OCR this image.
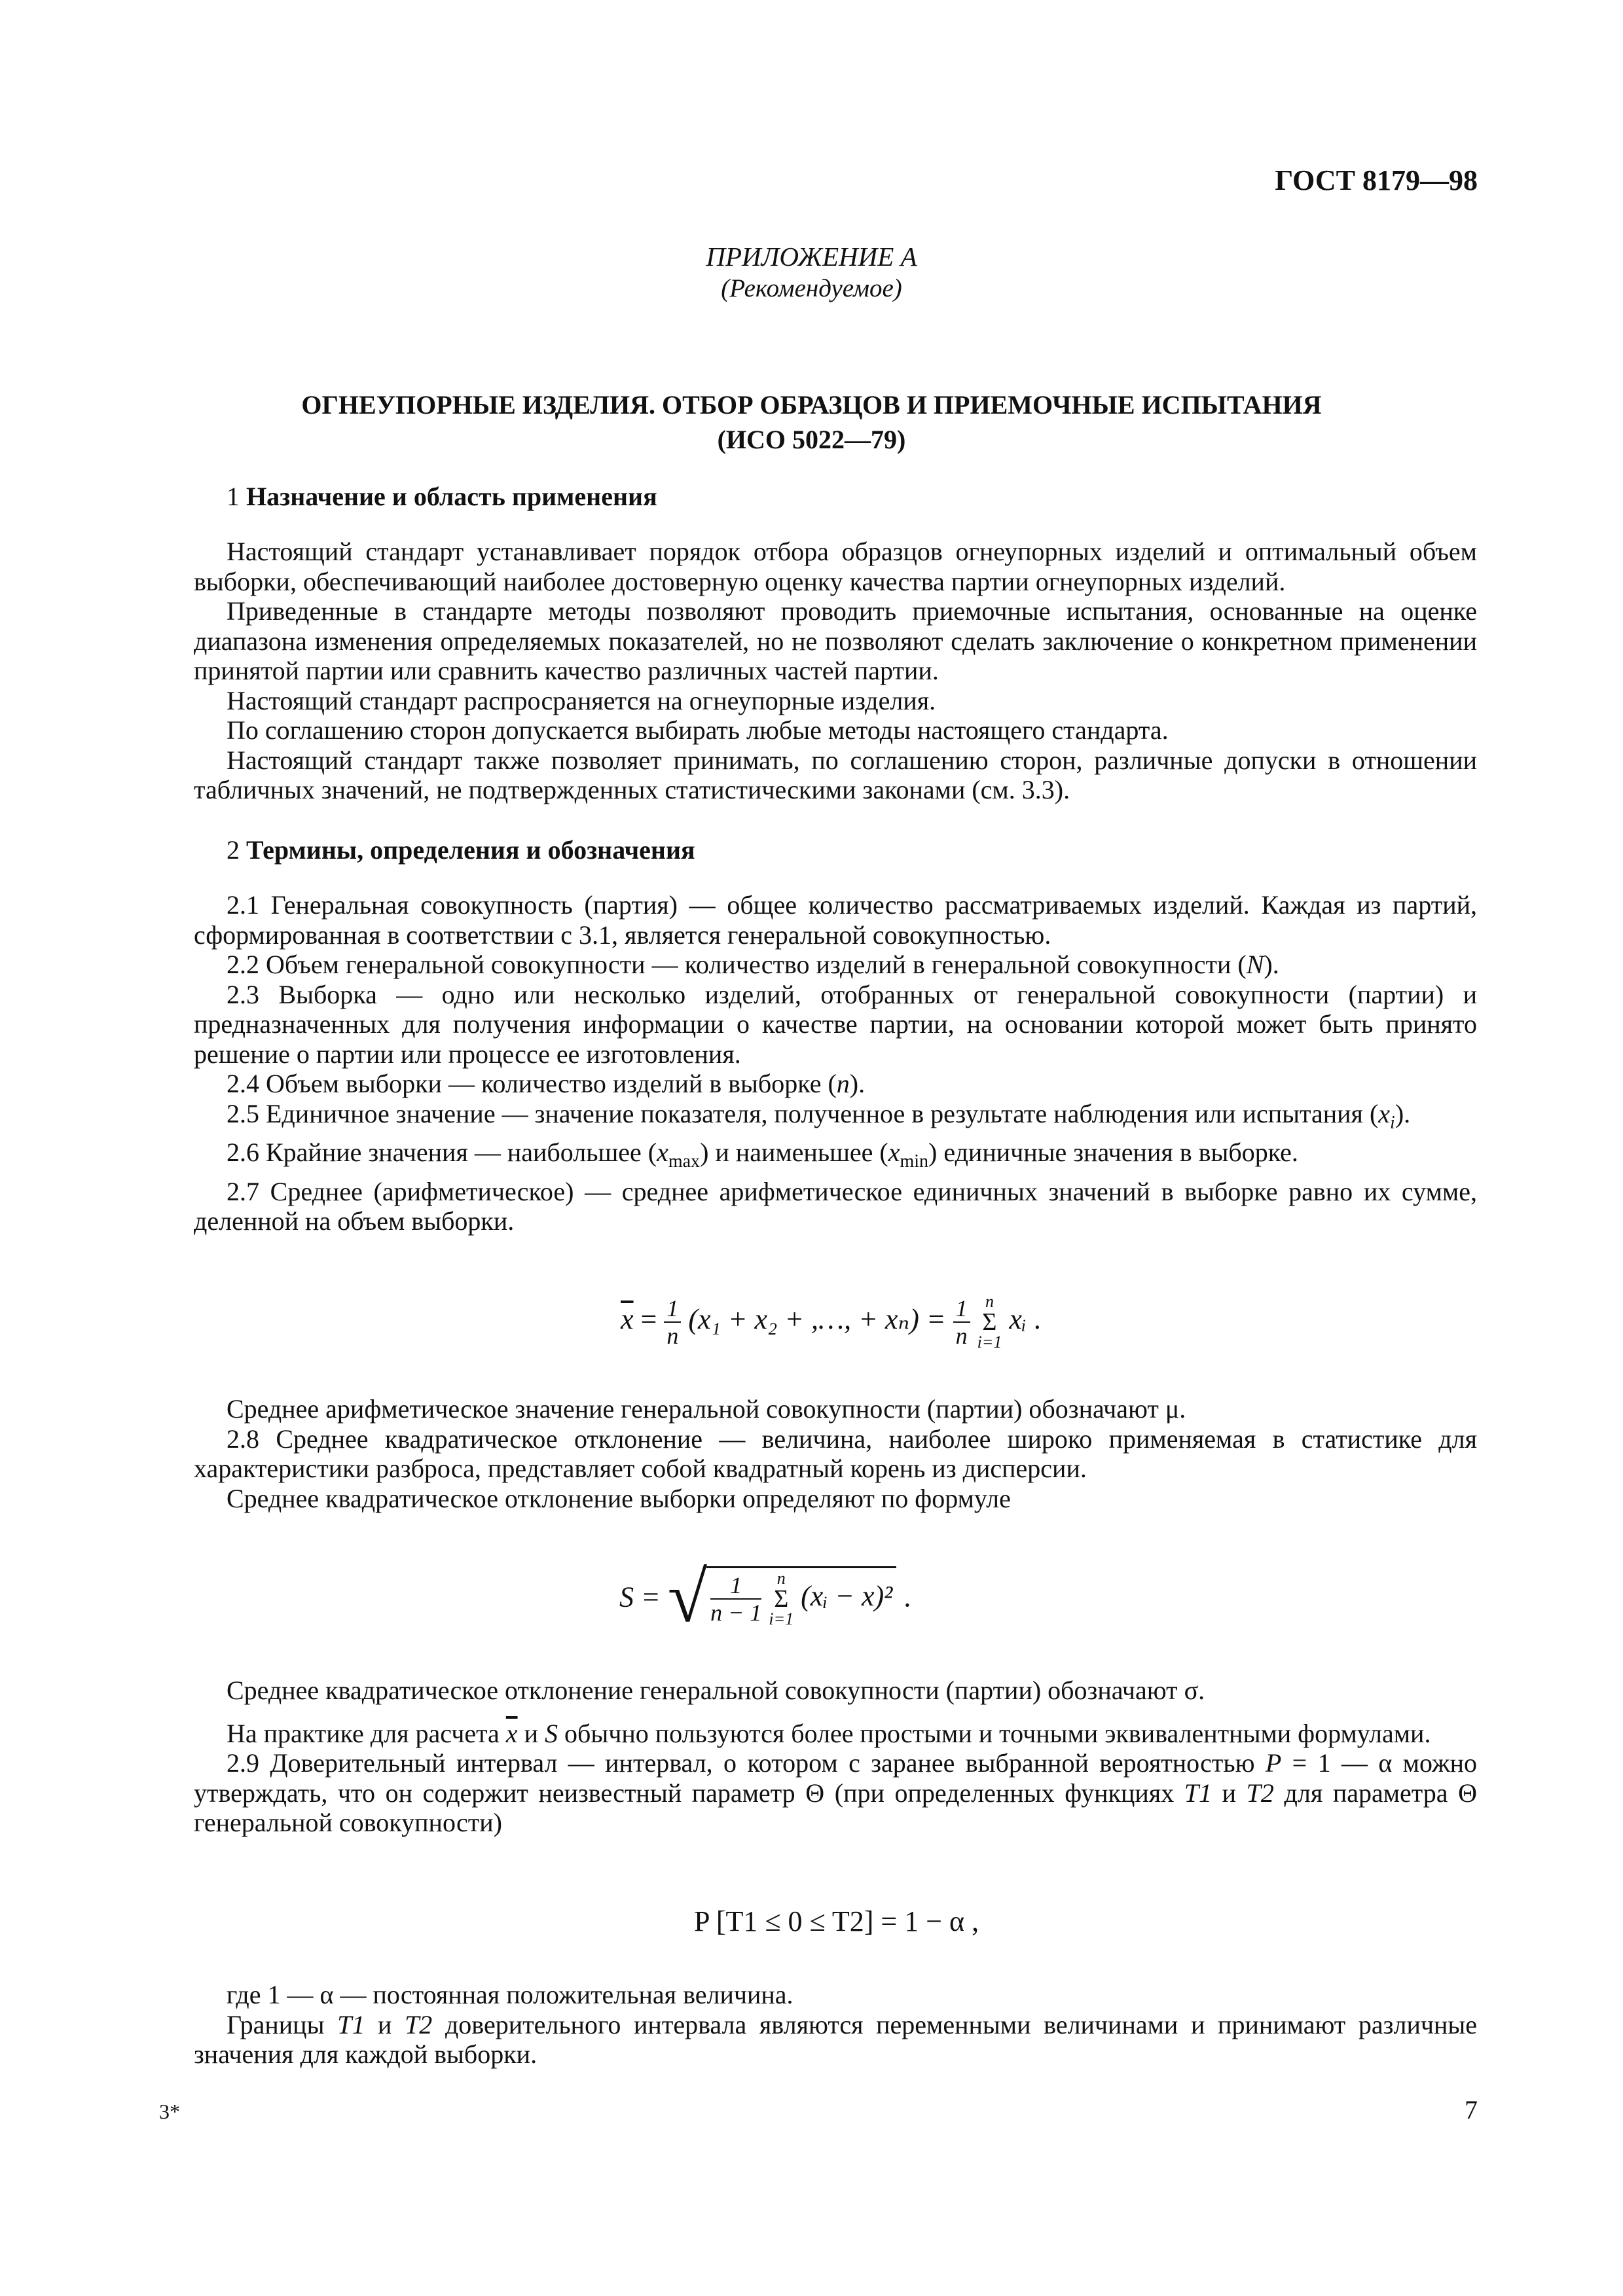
ГОСТ 8179—98
ПРИЛОЖЕНИЕ А
(Рекомендуемое)
ОГНЕУПОРНЫЕ ИЗДЕЛИЯ. ОТБОР ОБРАЗЦОВ И ПРИЕМОЧНЫЕ ИСПЫТАНИЯ
(ИСО 5022—79)
1 Назначение и область применения

Настоящий стандарт устанавливает порядок отбора образцов огнеупорных изделий и оптимальный объем выборки, обеспечивающий наиболее достоверную оценку качества партии огнеупорных изделий.

Приведенные в стандарте методы позволяют проводить приемочные испытания, основанные на оценке диапазона изменения определяемых показателей, но не позволяют сделать заключение о конкретном применении принятой партии или сравнить качество различных частей партии.

Настоящий стандарт распросраняется на огнеупорные изделия.

По соглашению сторон допускается выбирать любые методы настоящего стандарта.

Настоящий стандарт также позволяет принимать, по соглашению сторон, различные допуски в отношении табличных значений, не подтвержденных статистическими законами (см. 3.3).

2 Термины, определения и обозначения

2.1 Генеральная совокупность (партия) — общее количество рассматриваемых изделий. Каждая из партий, сформированная в соответствии с 3.1, является генеральной совокупностью.

2.2 Объем генеральной совокупности — количество изделий в генеральной совокупности (N).

2.3 Выборка — одно или несколько изделий, отобранных от генеральной совокупности (партии) и предназначенных для получения информации о качестве партии, на основании которой может быть принято решение о партии или процессе ее изготовления.

2.4 Объем выборки — количество изделий в выборке (n).

2.5 Единичное значение — значение показателя, полученное в результате наблюдения или испытания $(x_i)$.

2.6 Крайние значения — наибольшее $(x_{max})$ и наименьшее $(x_{min})$ единичные значения в выборке.

2.7 Среднее (арифметическое) — среднее арифметическое единичных значений в выборке равно их сумме, деленной на объем выборки.

$\overline{x} = \frac{1}{n} (x_1 + x_2$ + ,…, + $x_n) = \frac{1}{n}$ n
Σ
i=1 xᵢ .

Среднее арифметическое значение генеральной совокупности (партии) обозначают μ.

2.8 Среднее квадратическое отклонение — величина, наиболее широко применяемая в статистике для характеристики разброса, представляет собой квадратный корень из дисперсии.

Среднее квадратическое отклонение выборки определяют по формуле

S = √ $\frac{1}{n - 1}$ n
Σ
i=1 (xᵢ − x)² .

Среднее квадратическое отклонение генеральной совокупности (партии) обозначают σ.

На практике для расчета $\overline{x}$ и S обычно пользуются более простыми и точными эквивалентными формулами.

2.9 Доверительный интервал — интервал, о котором с заранее выбранной вероятностью P = 1 — α можно утверждать, что он содержит неизвестный параметр Θ (при определенных функциях T1 и T2 для параметра Θ генеральной совокупности)

P [T1 ≤ 0 ≤ T2] = 1 − α ,

где 1 — α — постоянная положительная величина.

Границы T1 и T2 доверительного интервала являются переменными величинами и принимают различные значения для каждой выборки.

3*	7
